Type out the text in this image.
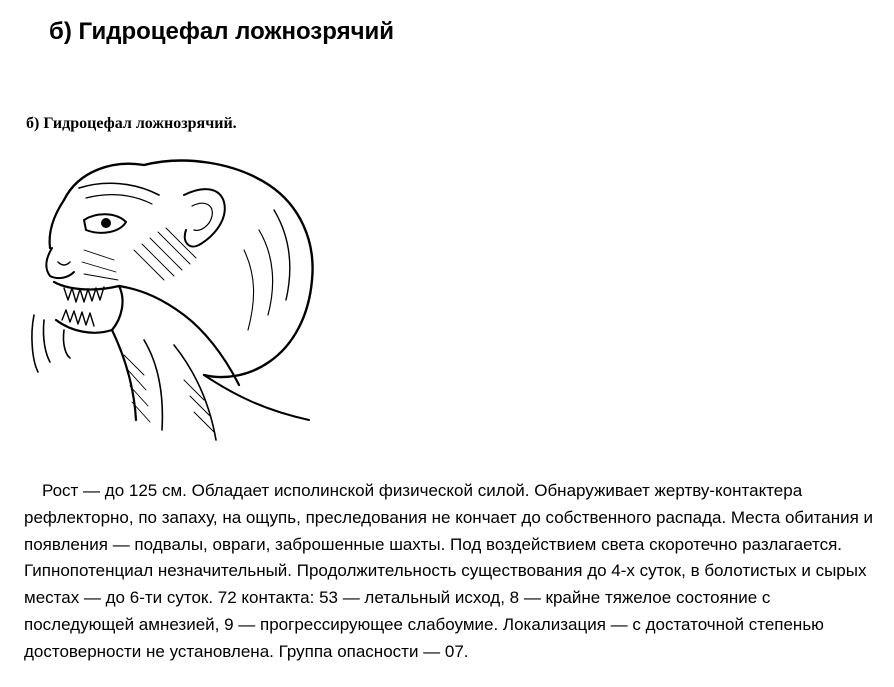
б) Гидроцефал ложнозрячий
б) Гидроцефал ложнозрячий.

Рост — до 125 см. Обладает исполинской физической силой. Обнаруживает жертву-контактера рефлекторно, по запаху, на ощупь, преследования не кончает до собственного распада. Места обитания и появления — подвалы, овраги, заброшенные шахты. Под воздействием света скоротечно разлагается. Гипнопотенциал незначительный. Продолжительность существования до 4-х суток, в болотистых и сырых местах — до 6-ти суток. 72 контакта: 53 — летальный исход, 8 — крайне тяжелое состояние с последующей амнезией, 9 — прогрессирующее слабоумие. Локализация — с достаточной степенью достоверности не установлена. Группа опасности — 07.
